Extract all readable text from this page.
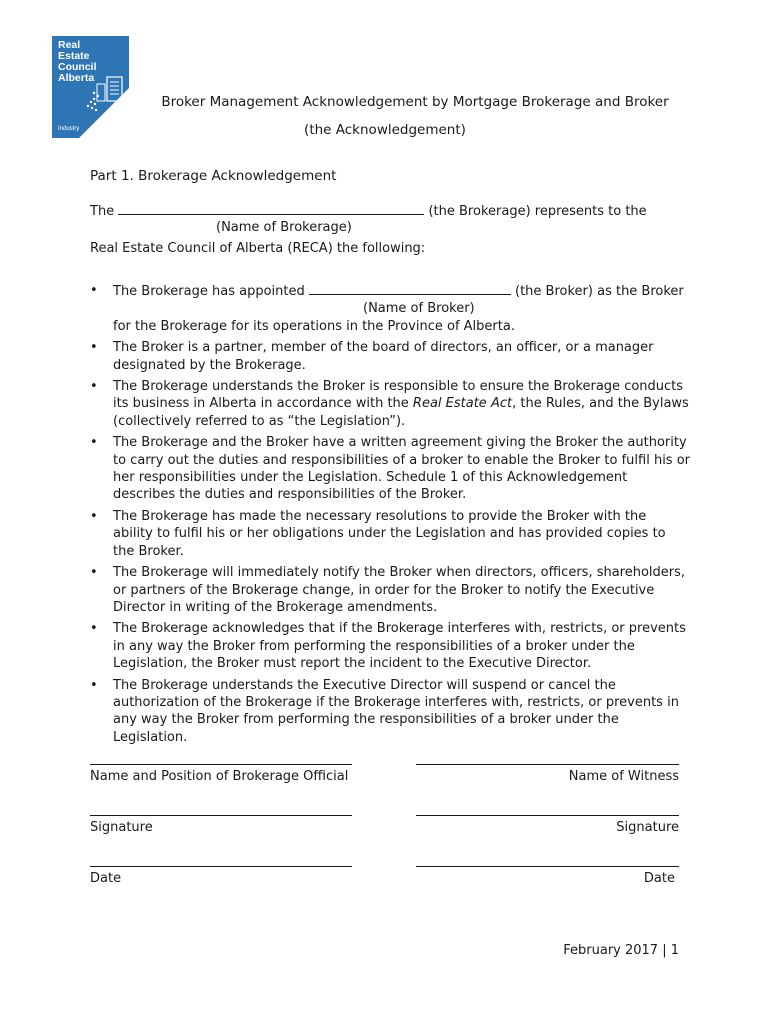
Real
Estate
Council
Alberta
Industry
Broker Management Acknowledgement by Mortgage Brokerage and Broker
(the Acknowledgement)
Part 1. Brokerage Acknowledgement
The	(the Brokerage) represents to the
(Name of Brokerage)
Real Estate Council of Alberta (RECA) the following:
• The Brokerage has appointed	(the Broker) as the Broker
(Name of Broker)
for the Brokerage for its operations in the Province of Alberta.
• The Broker is a partner, member of the board of directors, an officer, or a manager designated by the Brokerage.
• The Brokerage understands the Broker is responsible to ensure the Brokerage conducts its business in Alberta in accordance with the Real Estate Act, the Rules, and the Bylaws (collectively referred to as “the Legislation”).
• The Brokerage and the Broker have a written agreement giving the Broker the authority to carry out the duties and responsibilities of a broker to enable the Broker to fulfil his or her responsibilities under the Legislation. Schedule 1 of this Acknowledgement describes the duties and responsibilities of the Broker.
• The Brokerage has made the necessary resolutions to provide the Broker with the ability to fulfil his or her obligations under the Legislation and has provided copies to the Broker.
• The Brokerage will immediately notify the Broker when directors, officers, shareholders, or partners of the Brokerage change, in order for the Broker to notify the Executive Director in writing of the Brokerage amendments.
• The Brokerage acknowledges that if the Brokerage interferes with, restricts, or prevents in any way the Broker from performing the responsibilities of a broker under the Legislation, the Broker must report the incident to the Executive Director.
• The Brokerage understands the Executive Director will suspend or cancel the authorization of the Brokerage if the Brokerage interferes with, restricts, or prevents in any way the Broker from performing the responsibilities of a broker under the Legislation.
Name and Position of Brokerage Official	Name of Witness
Signature	Signature
Date	Date
February 2017 | 1
